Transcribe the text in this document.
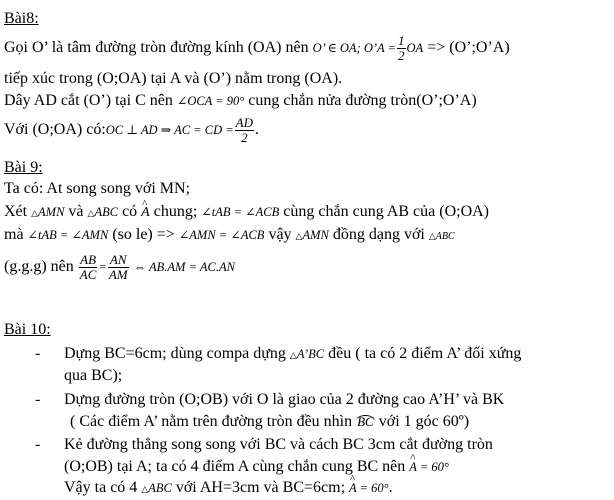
Bài8:
Gọi O’ là tâm đường tròn đường kính (OA) nên O’ ∈ OA; O’A = $\frac{1}{2}$ OA => (O’;O’A)
tiếp xúc trong (O;OA) tại A và (O’) nằm trong (OA).
Dây AD cắt (O’) tại C nên ∠OCA = 90° cung chắn nửa đường tròn(O’;O’A)
Với (O;OA) có:OC ⊥ AD ⇒ AC = CD = $\frac{AD}{2}$ .
Bài 9:
Ta có: At song song với MN;
Xét △AMN và △ABC có ^ A chung; ∠tAB = ∠ACB cùng chắn cung AB của (O;OA)
mà ∠tAB = ∠AMN (so le) => ∠AMN = ∠ACB vậy △AMN đồng dạng với △ABC
(g.g.g) nên $\frac{AB}{AC} = \frac{AN}{AM}$ ⇔ AB.AM = AC.AN
Bài 10:
- Dựng BC=6cm; dùng compa dựng △A’BC đều ( ta có 2 điểm A’ đối xứng
qua BC);
- Dựng đường tròn (O;OB) với O là giao của 2 đường cao A’H’ và BK
( Các điểm A’ nằm trên đường tròn đều nhìn BC với 1 góc 60º)
- Kẻ đường thẳng song song với BC và cách BC 3cm cắt đường tròn
(O;OB) tại A; ta có 4 điểm A cùng chắn cung BC nên ^ A = 60°
Vậy ta có 4 △ABC với AH=3cm và BC=6cm; ^ A = 60°.
